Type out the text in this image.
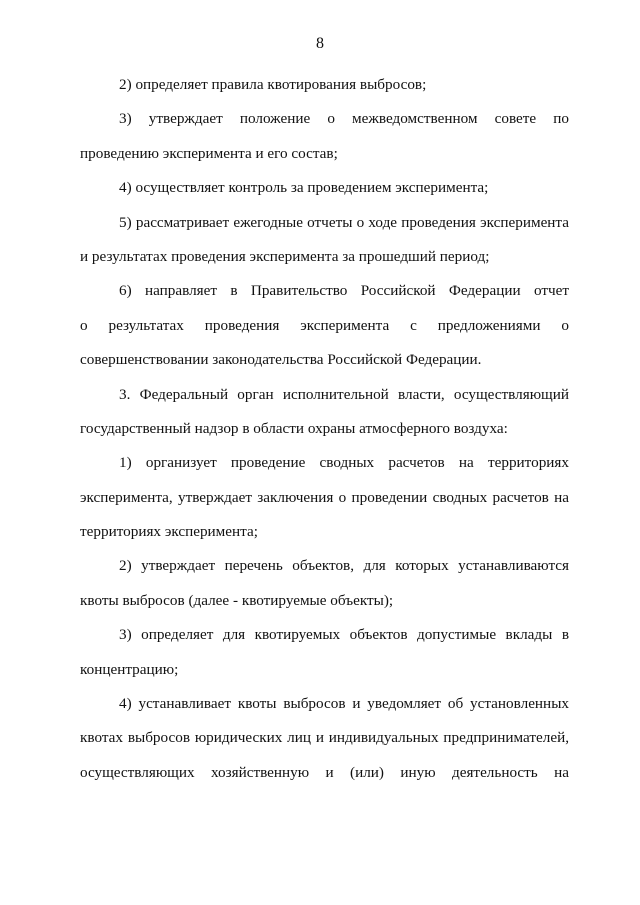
8
2) определяет правила квотирования выбросов;
3) утверждает положение о межведомственном совете по
проведению эксперимента и его состав;
4) осуществляет контроль за проведением эксперимента;
5) рассматривает ежегодные отчеты о ходе проведения эксперимента
и результатах проведения эксперимента за прошедший период;
6) направляет в Правительство Российской Федерации отчет
о результатах проведения эксперимента с предложениями о
совершенствовании законодательства Российской Федерации.
3. Федеральный орган исполнительной власти, осуществляющий
государственный надзор в области охраны атмосферного воздуха:
1) организует проведение сводных расчетов на территориях
эксперимента, утверждает заключения о проведении сводных расчетов на
территориях эксперимента;
2) утверждает перечень объектов, для которых устанавливаются
квоты выбросов (далее - квотируемые объекты);
3) определяет для квотируемых объектов допустимые вклады в
концентрацию;
4) устанавливает квоты выбросов и уведомляет об установленных
квотах выбросов юридических лиц и индивидуальных предпринимателей,
осуществляющих хозяйственную и (или) иную деятельность на
